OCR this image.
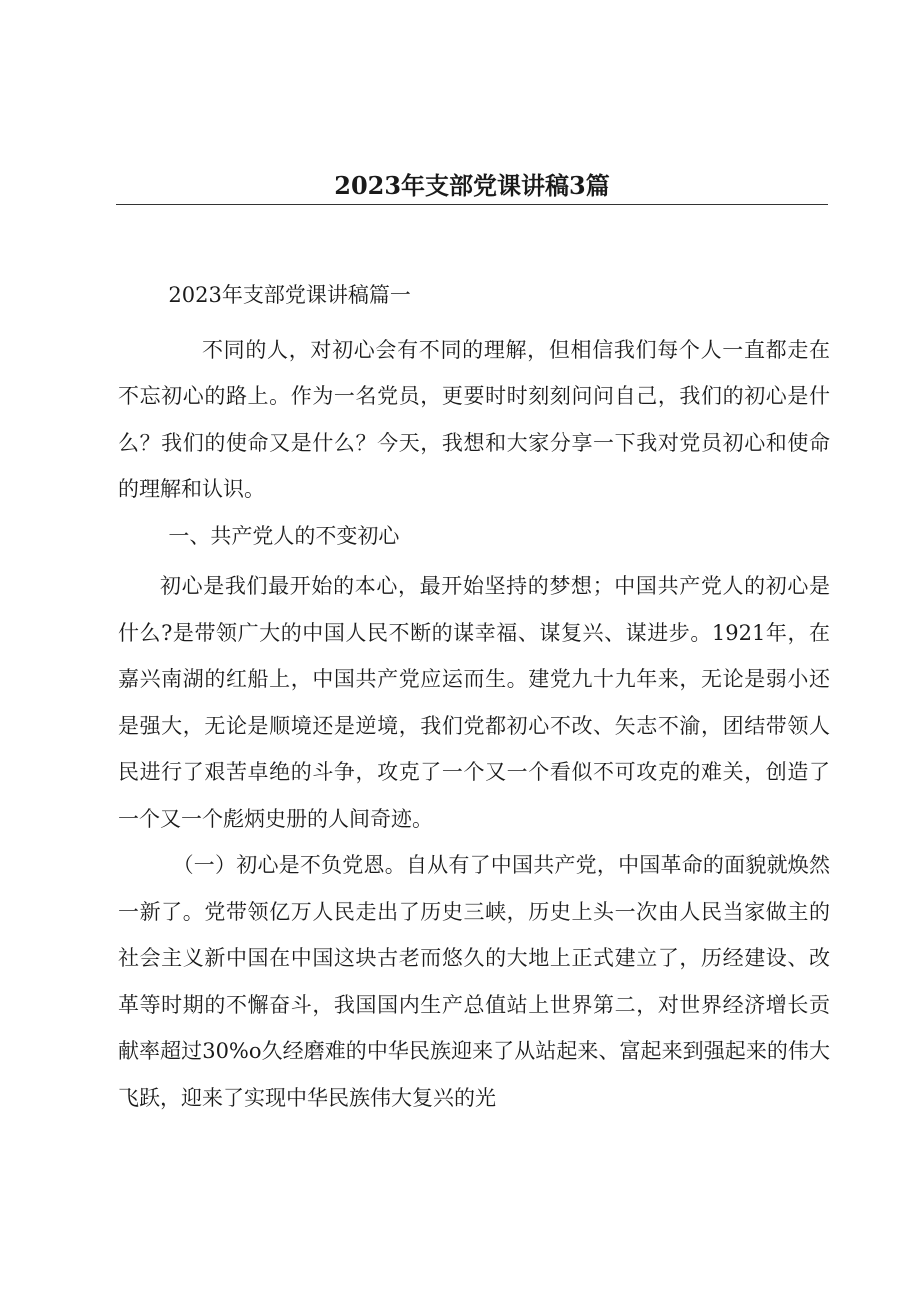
2023年支部党课讲稿3篇

2023年支部党课讲稿篇一

不同的人，对初心会有不同的理解，但相信我们每个人一直都走在不忘初心的路上。作为一名党员，更要时时刻刻问问自己，我们的初心是什么？我们的使命又是什么？今天，我想和大家分享一下我对党员初心和使命的理解和认识。

一、共产党人的不变初心

初心是我们最开始的本心，最开始坚持的梦想；中国共产党人的初心是什么?是带领广大的中国人民不断的谋幸福、谋复兴、谋进步。1921年，在嘉兴南湖的红船上，中国共产党应运而生。建党九十九年来，无论是弱小还是强大，无论是顺境还是逆境，我们党都初心不改、矢志不渝，团结带领人民进行了艰苦卓绝的斗争，攻克了一个又一个看似不可攻克的难关，创造了一个又一个彪炳史册的人间奇迹。

（一）初心是不负党恩。自从有了中国共产党，中国革命的面貌就焕然一新了。党带领亿万人民走出了历史三峡，历史上头一次由人民当家做主的社会主义新中国在中国这块古老而悠久的大地上正式建立了，历经建设、改革等时期的不懈奋斗，我国国内生产总值站上世界第二，对世界经济增长贡献率超过30%o久经磨难的中华民族迎来了从站起来、富起来到强起来的伟大飞跃，迎来了实现中华民族伟大复兴的光
